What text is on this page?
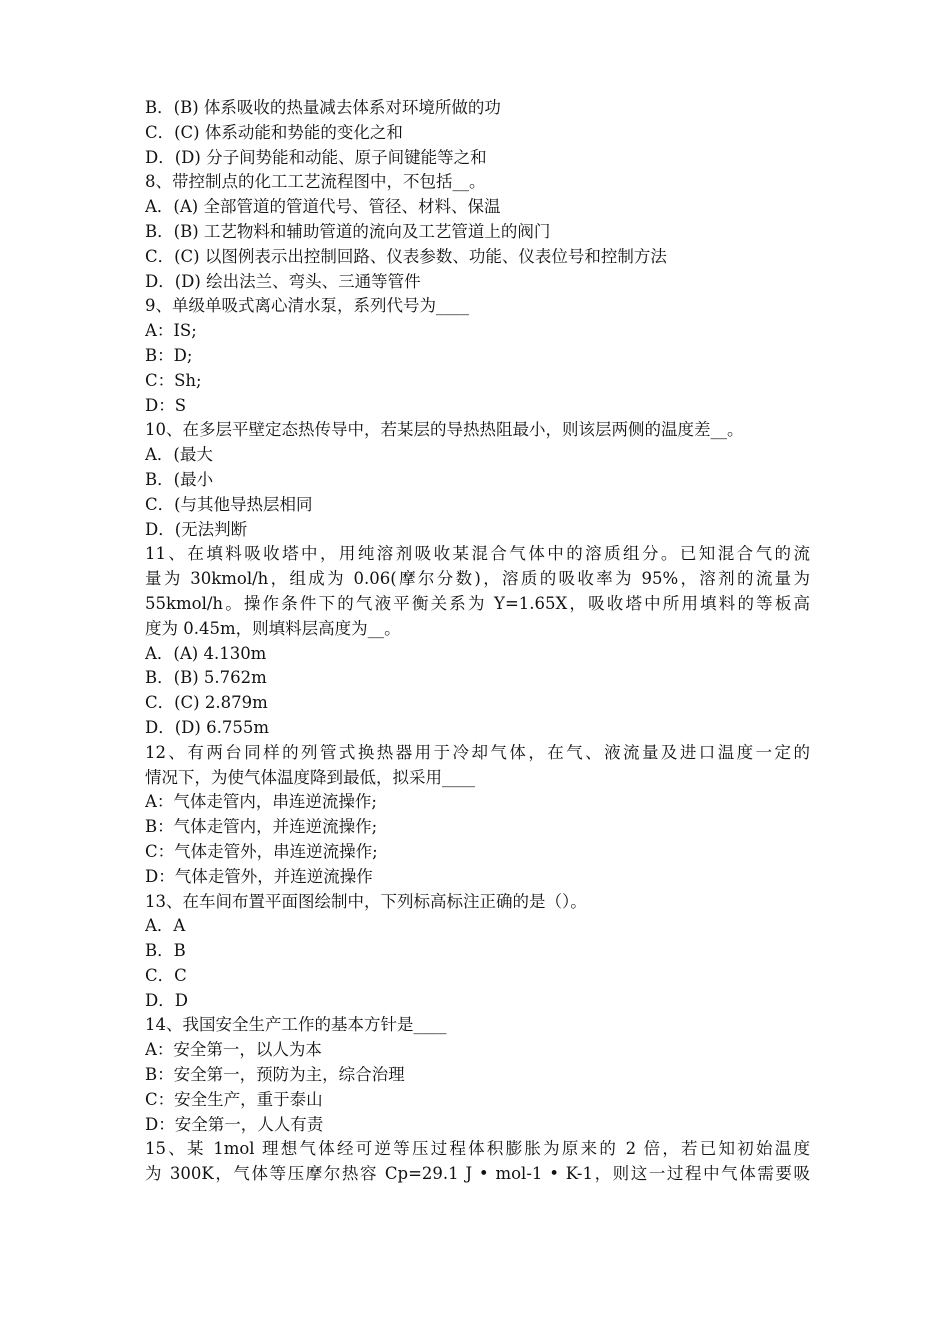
B．(B) 体系吸收的热量减去体系对环境所做的功
C．(C) 体系动能和势能的变化之和
D．(D) 分子间势能和动能、原子间键能等之和
8、带控制点的化工工艺流程图中，不包括__。
A．(A) 全部管道的管道代号、管径、材料、保温
B．(B) 工艺物料和辅助管道的流向及工艺管道上的阀门
C．(C) 以图例表示出控制回路、仪表参数、功能、仪表位号和控制方法
D．(D) 绘出法兰、弯头、三通等管件
9、单级单吸式离心清水泵，系列代号为____
A：IS;
B：D;
C：Sh;
D：S
10、在多层平壁定态热传导中，若某层的导热热阻最小，则该层两侧的温度差__。
A．(最大
B．(最小
C．(与其他导热层相同
D．(无法判断
11、在填料吸收塔中，用纯溶剂吸收某混合气体中的溶质组分。已知混合气的流
量为 30kmol/h，组成为 0.06(摩尔分数)，溶质的吸收率为 95%，溶剂的流量为
55kmol/h。操作条件下的气液平衡关系为 Y=1.65X，吸收塔中所用填料的等板高
度为 0.45m，则填料层高度为__。
A．(A) 4.130m
B．(B) 5.762m
C．(C) 2.879m
D．(D) 6.755m
12、有两台同样的列管式换热器用于冷却气体，在气、液流量及进口温度一定的
情况下，为使气体温度降到最低，拟采用____
A：气体走管内，串连逆流操作;
B：气体走管内，并连逆流操作;
C：气体走管外，串连逆流操作;
D：气体走管外，并连逆流操作
13、在车间布置平面图绘制中，下列标高标注正确的是（）。
A．A
B．B
C．C
D．D
14、我国安全生产工作的基本方针是____
A：安全第一，以人为本
B：安全第一，预防为主，综合治理
C：安全生产，重于泰山
D：安全第一，人人有责
15、某 1mol 理想气体经可逆等压过程体积膨胀为原来的 2 倍，若已知初始温度
为 300K，气体等压摩尔热容 Cp=29.1 J • mol-1 • K-1，则这一过程中气体需要吸
